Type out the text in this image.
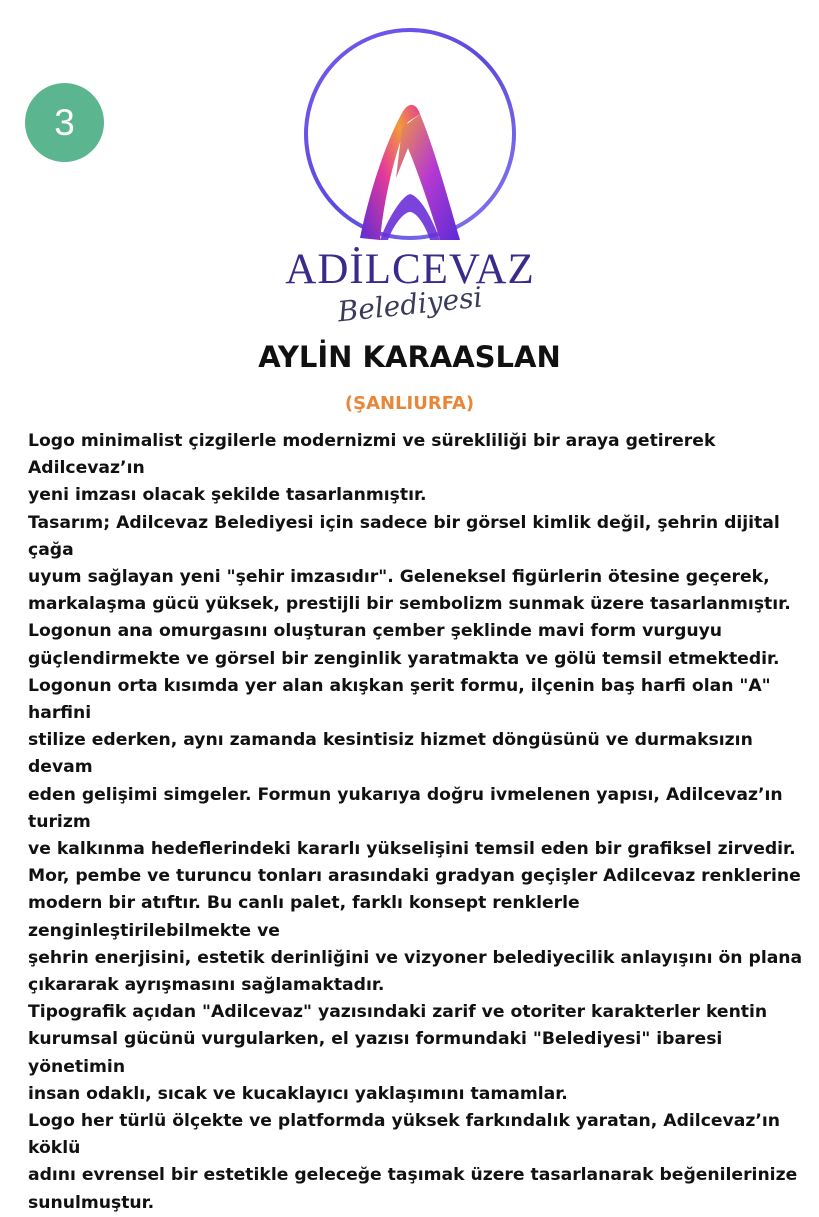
3
ADİLCEVAZ
Belediyesi
AYLİN KARAASLAN
(ŞANLIURFA)
Logo minimalist çizgilerle modernizmi ve sürekliliği bir araya getirerek Adilcevaz’ın
yeni imzası olacak şekilde tasarlanmıştır.
Tasarım; Adilcevaz Belediyesi için sadece bir görsel kimlik değil, şehrin dijital çağa
uyum sağlayan yeni "şehir imzasıdır". Geleneksel figürlerin ötesine geçerek,
markalaşma gücü yüksek, prestijli bir sembolizm sunmak üzere tasarlanmıştır.
Logonun ana omurgasını oluşturan çember şeklinde mavi form vurguyu
güçlendirmekte ve görsel bir zenginlik yaratmakta ve gölü temsil etmektedir.
Logonun orta kısımda yer alan akışkan şerit formu, ilçenin baş harfi olan "A" harfini
stilize ederken, aynı zamanda kesintisiz hizmet döngüsünü ve durmaksızın devam
eden gelişimi simgeler. Formun yukarıya doğru ivmelenen yapısı, Adilcevaz’ın turizm
ve kalkınma hedeflerindeki kararlı yükselişini temsil eden bir grafiksel zirvedir.
Mor, pembe ve turuncu tonları arasındaki gradyan geçişler Adilcevaz renklerine
modern bir atıftır. Bu canlı palet, farklı konsept renklerle zenginleştirilebilmekte ve
şehrin enerjisini, estetik derinliğini ve vizyoner belediyecilik anlayışını ön plana
çıkararak ayrışmasını sağlamaktadır.
Tipografik açıdan "Adilcevaz" yazısındaki zarif ve otoriter karakterler kentin
kurumsal gücünü vurgularken, el yazısı formundaki "Belediyesi" ibaresi yönetimin
insan odaklı, sıcak ve kucaklayıcı yaklaşımını tamamlar.
Logo her türlü ölçekte ve platformda yüksek farkındalık yaratan, Adilcevaz’ın köklü
adını evrensel bir estetikle geleceğe taşımak üzere tasarlanarak beğenilerinize
sunulmuştur.
